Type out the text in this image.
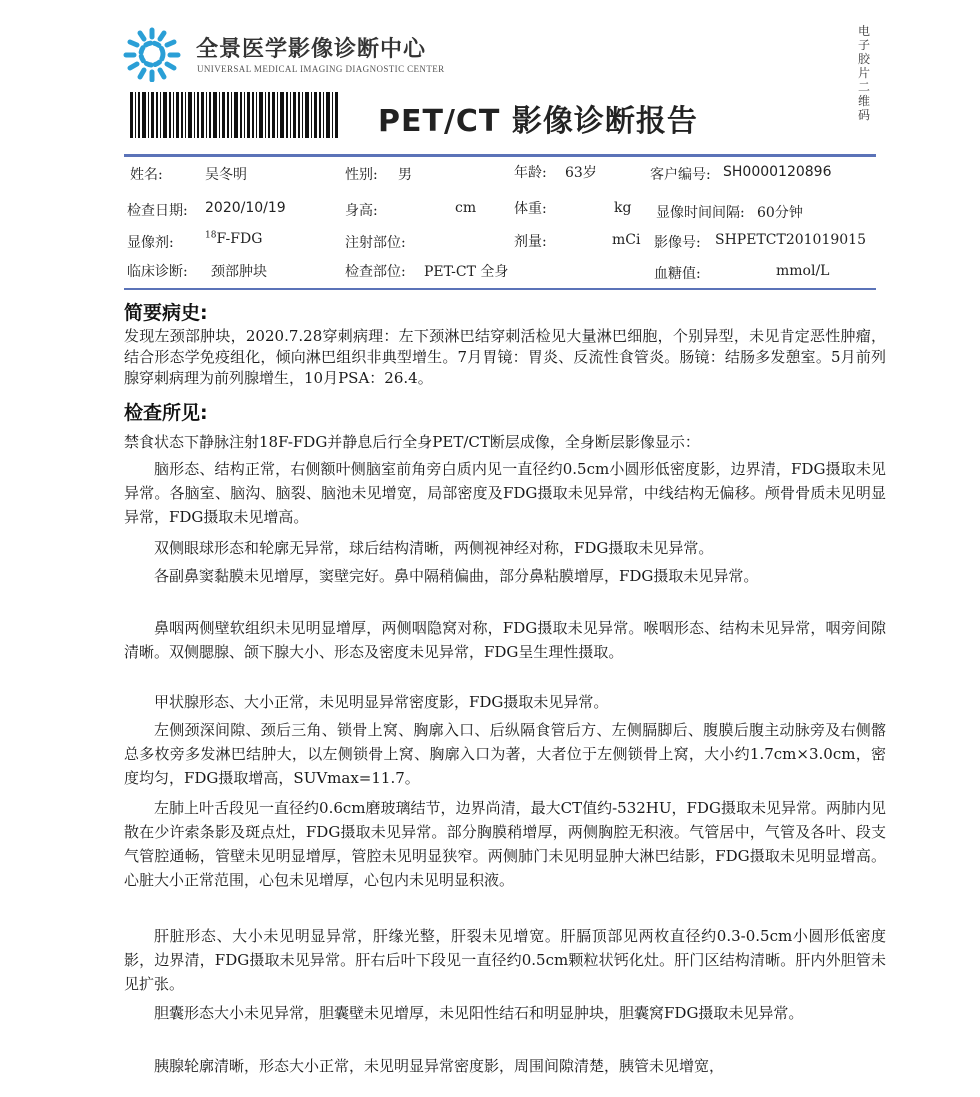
全景医学影像诊断中心
UNIVERSAL MEDICAL IMAGING DIAGNOSTIC CENTER
电子胶片二维码
PET/CT 影像诊断报告
姓名:	吴冬明	性别: 男	年龄: 63岁	客户编号: SH0000120896
检查日期: 2020/10/19	身高:	cm	体重:	kg 显像时间间隔: 60分钟
显像剂:	$^{18}$F-FDG	注射部位:	剂量:	mCi 影像号: SHPETCT201019015
临床诊断: 颈部肿块	检查部位: PET-CT 全身	血糖值:	mmol/L
简要病史:
发现左颈部肿块，2020.7.28穿刺病理：左下颈淋巴结穿刺活检见大量淋巴细胞，个别异型，未见肯定恶性肿瘤，结合形态学免疫组化，倾向淋巴组织非典型增生。7月胃镜：胃炎、反流性食管炎。肠镜：结肠多发憩室。5月前列腺穿刺病理为前列腺增生，10月PSA：26.4。
检查所见:
禁食状态下静脉注射18F-FDG并静息后行全身PET/CT断层成像，全身断层影像显示：
脑形态、结构正常，右侧额叶侧脑室前角旁白质内见一直径约0.5cm小圆形低密度影，边界清，FDG摄取未见异常。各脑室、脑沟、脑裂、脑池未见增宽，局部密度及FDG摄取未见异常，中线结构无偏移。颅骨骨质未见明显异常，FDG摄取未见增高。
双侧眼球形态和轮廓无异常，球后结构清晰，两侧视神经对称，FDG摄取未见异常。
各副鼻窦黏膜未见增厚，窦壁完好。鼻中隔稍偏曲，部分鼻粘膜增厚，FDG摄取未见异常。
鼻咽两侧壁软组织未见明显增厚，两侧咽隐窝对称，FDG摄取未见异常。喉咽形态、结构未见异常，咽旁间隙清晰。双侧腮腺、颌下腺大小、形态及密度未见异常，FDG呈生理性摄取。
甲状腺形态、大小正常，未见明显异常密度影，FDG摄取未见异常。
左侧颈深间隙、颈后三角、锁骨上窝、胸廓入口、后纵隔食管后方、左侧膈脚后、腹膜后腹主动脉旁及右侧髂总多枚旁多发淋巴结肿大，以左侧锁骨上窝、胸廓入口为著，大者位于左侧锁骨上窝，大小约1.7cm×3.0cm，密度均匀，FDG摄取增高，SUVmax=11.7。
左肺上叶舌段见一直径约0.6cm磨玻璃结节，边界尚清，最大CT值约-532HU，FDG摄取未见异常。两肺内见散在少许索条影及斑点灶，FDG摄取未见异常。部分胸膜稍增厚，两侧胸腔无积液。气管居中，气管及各叶、段支气管腔通畅，管壁未见明显增厚，管腔未见明显狭窄。两侧肺门未见明显肿大淋巴结影，FDG摄取未见明显增高。心脏大小正常范围，心包未见增厚，心包内未见明显积液。
肝脏形态、大小未见明显异常，肝缘光整，肝裂未见增宽。肝膈顶部见两枚直径约0.3-0.5cm小圆形低密度影，边界清，FDG摄取未见异常。肝右后叶下段见一直径约0.5cm颗粒状钙化灶。肝门区结构清晰。肝内外胆管未见扩张。
胆囊形态大小未见异常，胆囊壁未见增厚，未见阳性结石和明显肿块，胆囊窝FDG摄取未见异常。
胰腺轮廓清晰，形态大小正常，未见明显异常密度影，周围间隙清楚，胰管未见增宽，
